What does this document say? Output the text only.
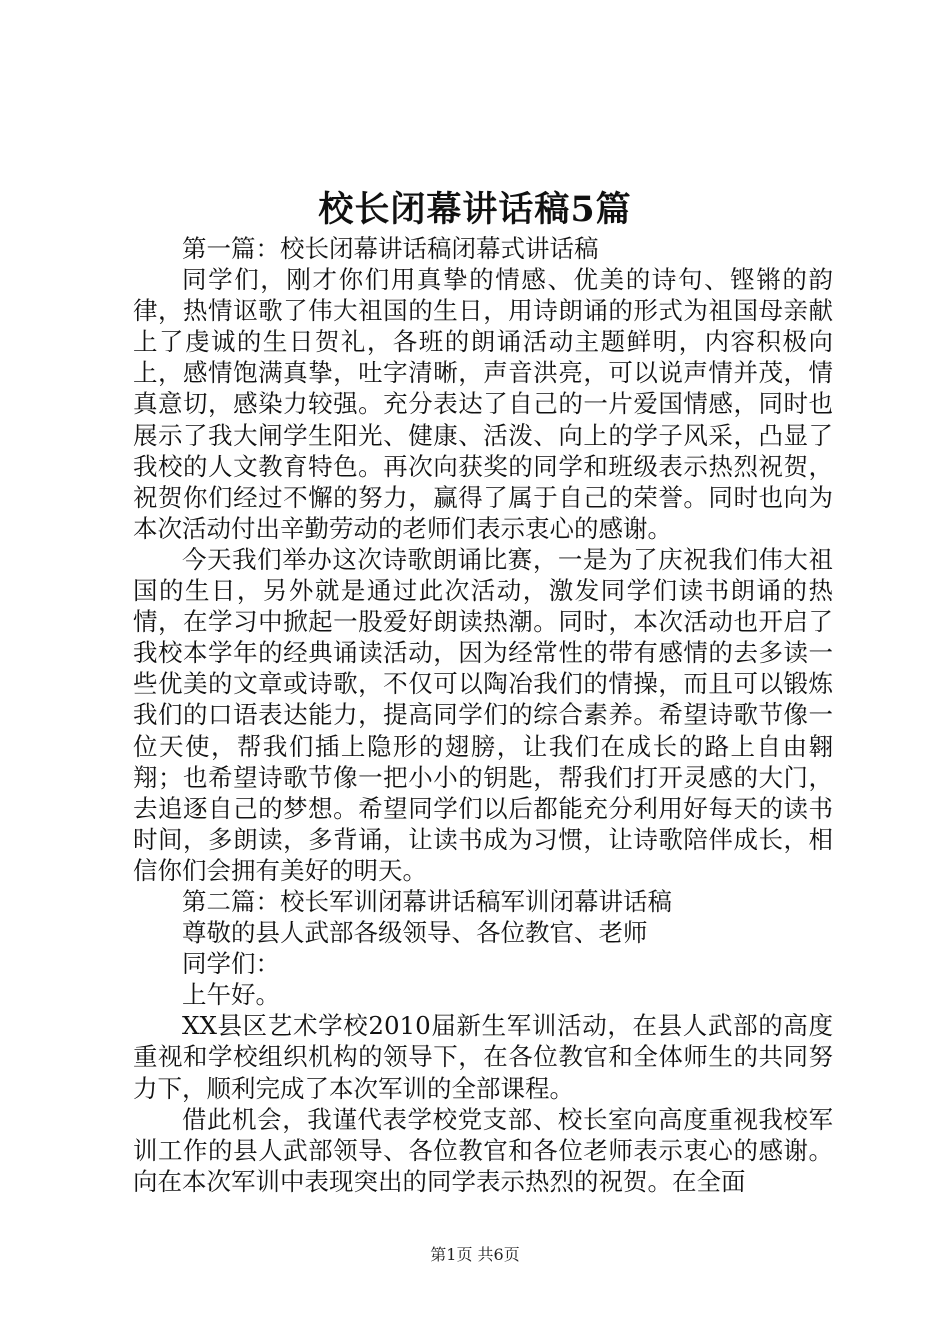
校长闭幕讲话稿5篇

第一篇：校长闭幕讲话稿闭幕式讲话稿

同学们，刚才你们用真挚的情感、优美的诗句、铿锵的韵律，热情讴歌了伟大祖国的生日，用诗朗诵的形式为祖国母亲献上了虔诚的生日贺礼，各班的朗诵活动主题鲜明，内容积极向上，感情饱满真挚，吐字清晰，声音洪亮，可以说声情并茂，情真意切，感染力较强。充分表达了自己的一片爱国情感，同时也展示了我大闸学生阳光、健康、活泼、向上的学子风采，凸显了我校的人文教育特色。再次向获奖的同学和班级表示热烈祝贺，祝贺你们经过不懈的努力，赢得了属于自己的荣誉。同时也向为本次活动付出辛勤劳动的老师们表示衷心的感谢。

今天我们举办这次诗歌朗诵比赛，一是为了庆祝我们伟大祖国的生日，另外就是通过此次活动，激发同学们读书朗诵的热情，在学习中掀起一股爱好朗读热潮。同时，本次活动也开启了我校本学年的经典诵读活动，因为经常性的带有感情的去多读一些优美的文章或诗歌，不仅可以陶冶我们的情操，而且可以锻炼我们的口语表达能力，提高同学们的综合素养。希望诗歌节像一位天使，帮我们插上隐形的翅膀，让我们在成长的路上自由翱翔；也希望诗歌节像一把小小的钥匙，帮我们打开灵感的大门，去追逐自己的梦想。希望同学们以后都能充分利用好每天的读书时间，多朗读，多背诵，让读书成为习惯，让诗歌陪伴成长，相信你们会拥有美好的明天。

第二篇：校长军训闭幕讲话稿军训闭幕讲话稿

尊敬的县人武部各级领导、各位教官、老师

同学们：

上午好。

XX县区艺术学校2010届新生军训活动，在县人武部的高度重视和学校组织机构的领导下，在各位教官和全体师生的共同努力下，顺利完成了本次军训的全部课程。

借此机会，我谨代表学校党支部、校长室向高度重视我校军训工作的县人武部领导、各位教官和各位老师表示衷心的感谢。向在本次军训中表现突出的同学表示热烈的祝贺。在全面

第1页 共6页
